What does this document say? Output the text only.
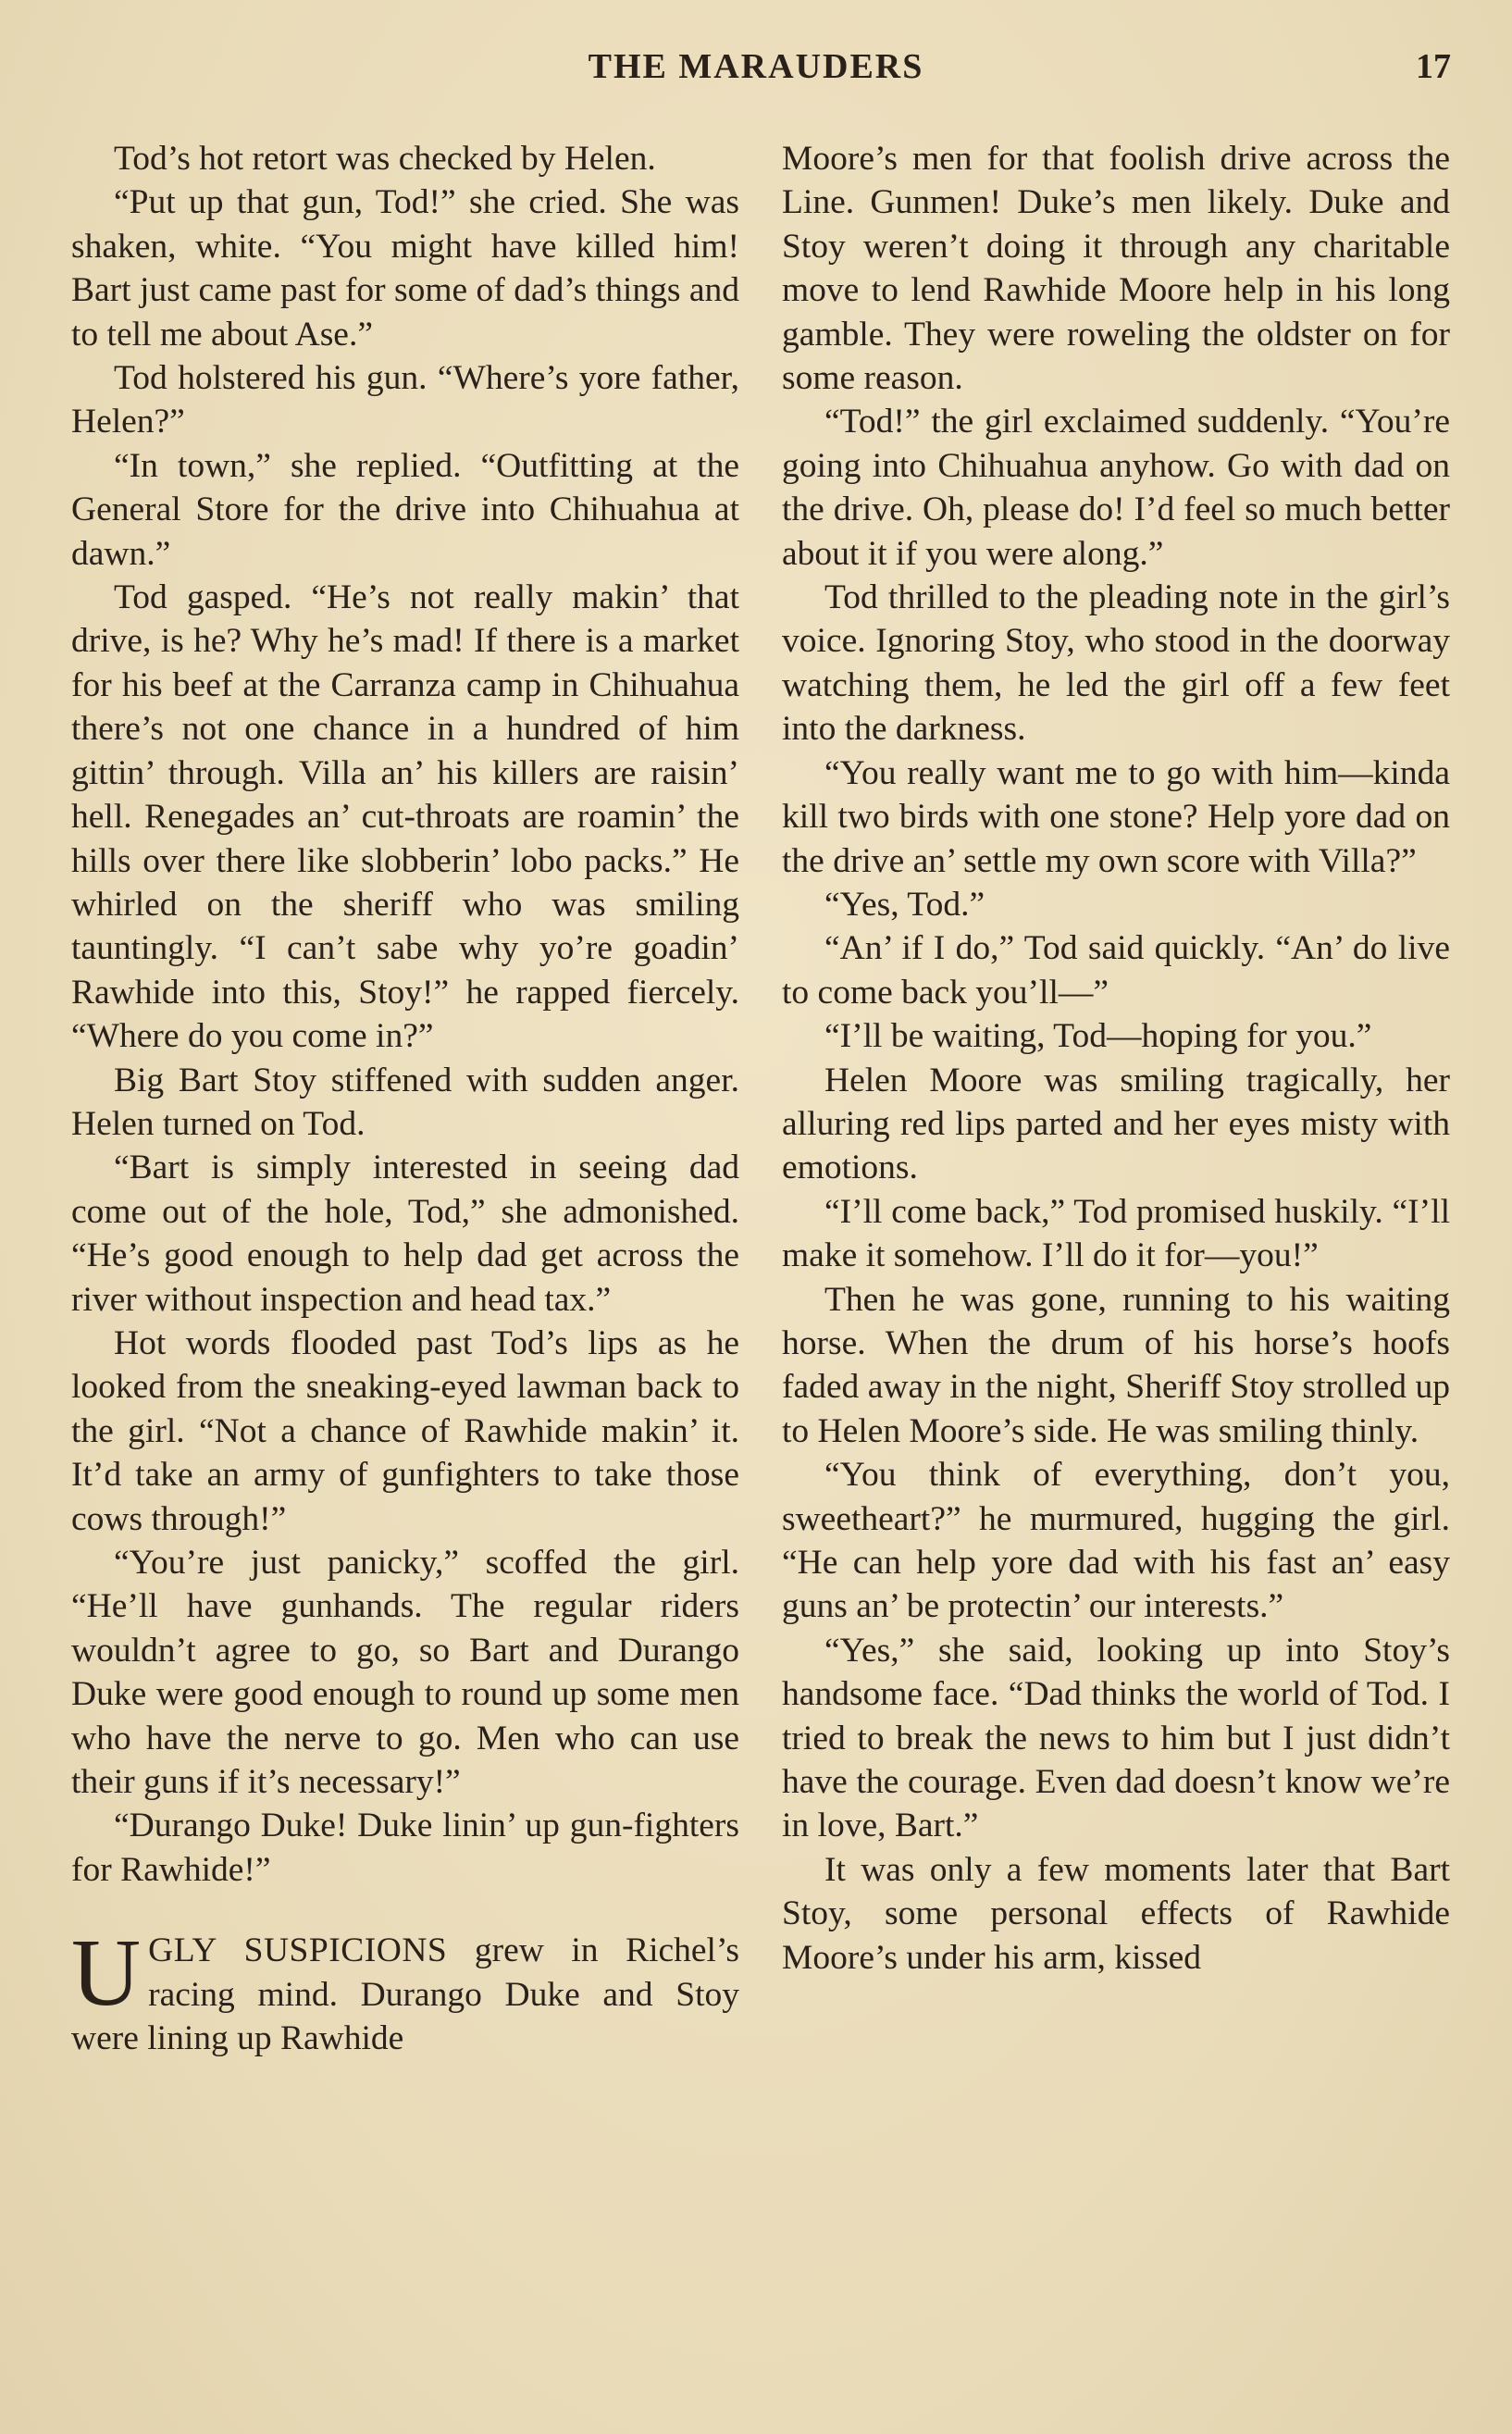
THE MARAUDERS	17

Tod’s hot retort was checked by Helen.

“Put up that gun, Tod!” she cried. She was shaken, white. “You might have killed him! Bart just came past for some of dad’s things and to tell me about Ase.”

Tod holstered his gun. “Where’s yore father, Helen?”

“In town,” she replied. “Outfitting at the General Store for the drive into Chihuahua at dawn.”

Tod gasped. “He’s not really makin’ that drive, is he? Why he’s mad! If there is a market for his beef at the Carranza camp in Chihuahua there’s not one chance in a hundred of him gittin’ through. Villa an’ his killers are raisin’ hell. Renegades an’ cut-throats are roamin’ the hills over there like slobberin’ lobo packs.” He whirled on the sheriff who was smiling tauntingly. “I can’t sabe why yo’re goadin’ Rawhide into this, Stoy!” he rapped fiercely. “Where do you come in?”

Big Bart Stoy stiffened with sudden anger. Helen turned on Tod.

“Bart is simply interested in seeing dad come out of the hole, Tod,” she admonished. “He’s good enough to help dad get across the river without inspection and head tax.”

Hot words flooded past Tod’s lips as he looked from the sneaking-eyed lawman back to the girl. “Not a chance of Rawhide makin’ it. It’d take an army of gunfighters to take those cows through!”

“You’re just panicky,” scoffed the girl. “He’ll have gunhands. The regular riders wouldn’t agree to go, so Bart and Durango Duke were good enough to round up some men who have the nerve to go. Men who can use their guns if it’s necessary!”

“Durango Duke! Duke linin’ up gun-fighters for Rawhide!”

UGLY SUSPICIONS grew in Richel’s racing mind. Durango Duke and Stoy were lining up Rawhide

Moore’s men for that foolish drive across the Line. Gunmen! Duke’s men likely. Duke and Stoy weren’t doing it through any charitable move to lend Rawhide Moore help in his long gamble. They were roweling the oldster on for some reason.

“Tod!” the girl exclaimed suddenly. “You’re going into Chihuahua anyhow. Go with dad on the drive. Oh, please do! I’d feel so much better about it if you were along.”

Tod thrilled to the pleading note in the girl’s voice. Ignoring Stoy, who stood in the doorway watching them, he led the girl off a few feet into the darkness.

“You really want me to go with him—kinda kill two birds with one stone? Help yore dad on the drive an’ settle my own score with Villa?”

“Yes, Tod.”

“An’ if I do,” Tod said quickly. “An’ do live to come back you’ll—”

“I’ll be waiting, Tod—hoping for you.”

Helen Moore was smiling tragically, her alluring red lips parted and her eyes misty with emotions.

“I’ll come back,” Tod promised huskily. “I’ll make it somehow. I’ll do it for—you!”

Then he was gone, running to his waiting horse. When the drum of his horse’s hoofs faded away in the night, Sheriff Stoy strolled up to Helen Moore’s side. He was smiling thinly.

“You think of everything, don’t you, sweetheart?” he murmured, hugging the girl. “He can help yore dad with his fast an’ easy guns an’ be protectin’ our interests.”

“Yes,” she said, looking up into Stoy’s handsome face. “Dad thinks the world of Tod. I tried to break the news to him but I just didn’t have the courage. Even dad doesn’t know we’re in love, Bart.”

It was only a few moments later that Bart Stoy, some personal effects of Rawhide Moore’s under his arm, kissed
